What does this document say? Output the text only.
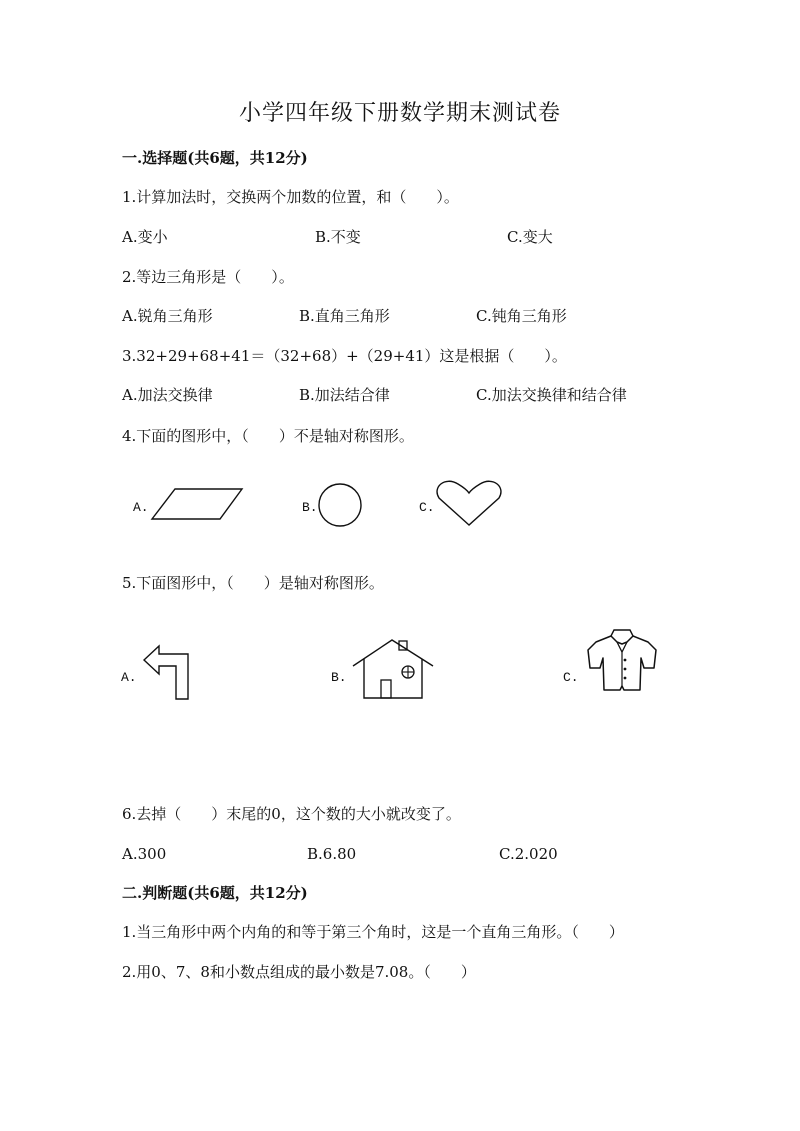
小学四年级下册数学期末测试卷
一.选择题(共6题，共12分)
1.计算加法时，交换两个加数的位置，和（　　）。
A.变小	B.不变	C.变大
2.等边三角形是（　　）。
A.锐角三角形	B.直角三角形	C.钝角三角形
3.32+29+68+41＝（32+68）+（29+41）这是根据（　　）。
A.加法交换律	B.加法结合律	C.加法交换律和结合律
4.下面的图形中，（　　）不是轴对称图形。
A.	B.	C.
5.下面图形中，（　　）是轴对称图形。
A.	B.	C.
6.去掉（　　）末尾的0，这个数的大小就改变了。
A.300	B.6.80	C.2.020
二.判断题(共6题，共12分)
1.当三角形中两个内角的和等于第三个角时，这是一个直角三角形。（　　）
2.用0、7、8和小数点组成的最小数是7.08。（　　）
